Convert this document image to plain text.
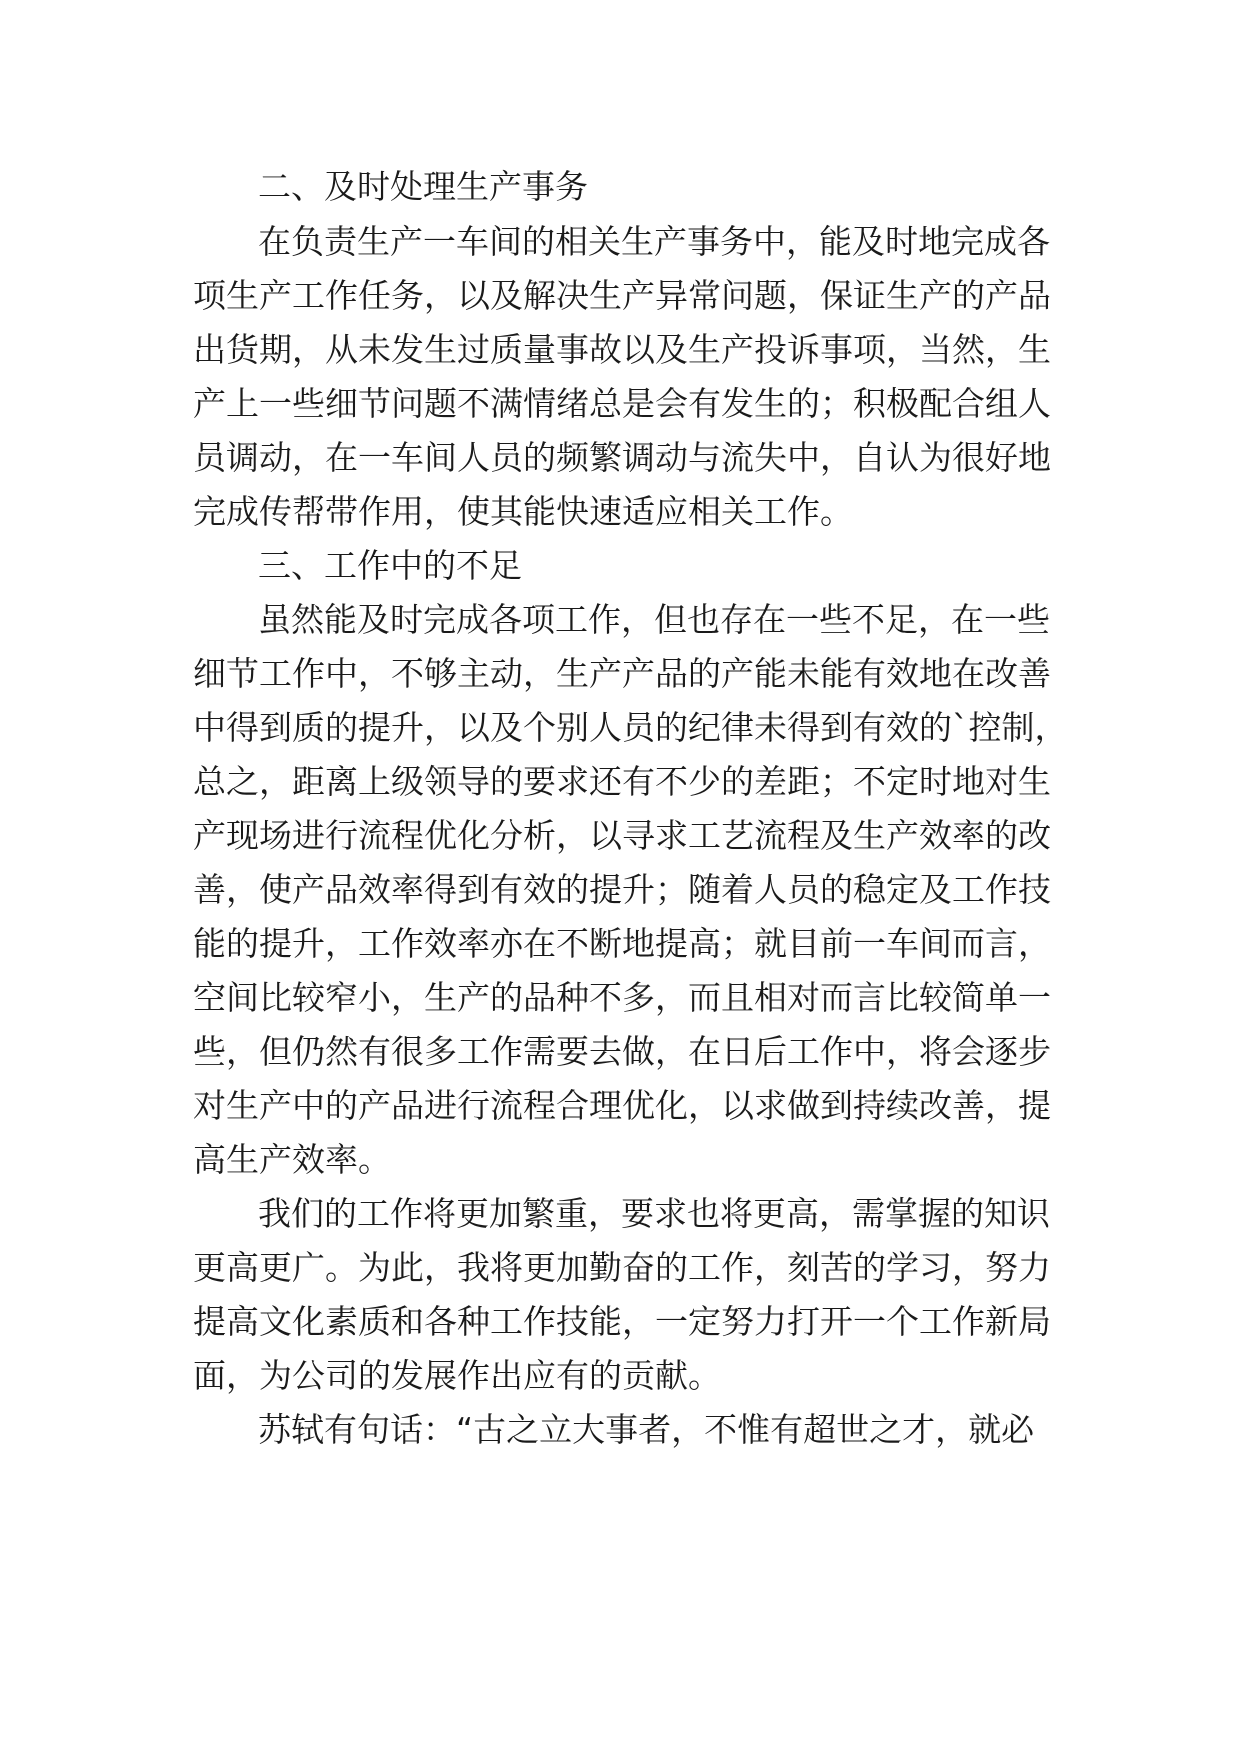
二、及时处理生产事务
在负责生产一车间的相关生产事务中，能及时地完成各
项生产工作任务，以及解决生产异常问题，保证生产的产品
出货期，从未发生过质量事故以及生产投诉事项，当然，生
产上一些细节问题不满情绪总是会有发生的；积极配合组人
员调动，在一车间人员的频繁调动与流失中，自认为很好地
完成传帮带作用，使其能快速适应相关工作。
三、工作中的不足
虽然能及时完成各项工作，但也存在一些不足，在一些
细节工作中，不够主动，生产产品的产能未能有效地在改善
中得到质的提升，以及个别人员的纪律未得到有效的`控制，
总之，距离上级领导的要求还有不少的差距；不定时地对生
产现场进行流程优化分析，以寻求工艺流程及生产效率的改
善，使产品效率得到有效的提升；随着人员的稳定及工作技
能的提升，工作效率亦在不断地提高；就目前一车间而言，
空间比较窄小，生产的品种不多，而且相对而言比较简单一
些，但仍然有很多工作需要去做，在日后工作中，将会逐步
对生产中的产品进行流程合理优化，以求做到持续改善，提
高生产效率。
我们的工作将更加繁重，要求也将更高，需掌握的知识
更高更广。为此，我将更加勤奋的工作，刻苦的学习，努力
提高文化素质和各种工作技能，一定努力打开一个工作新局
面，为公司的发展作出应有的贡献。
苏轼有句话：“古之立大事者，不惟有超世之才，就必
